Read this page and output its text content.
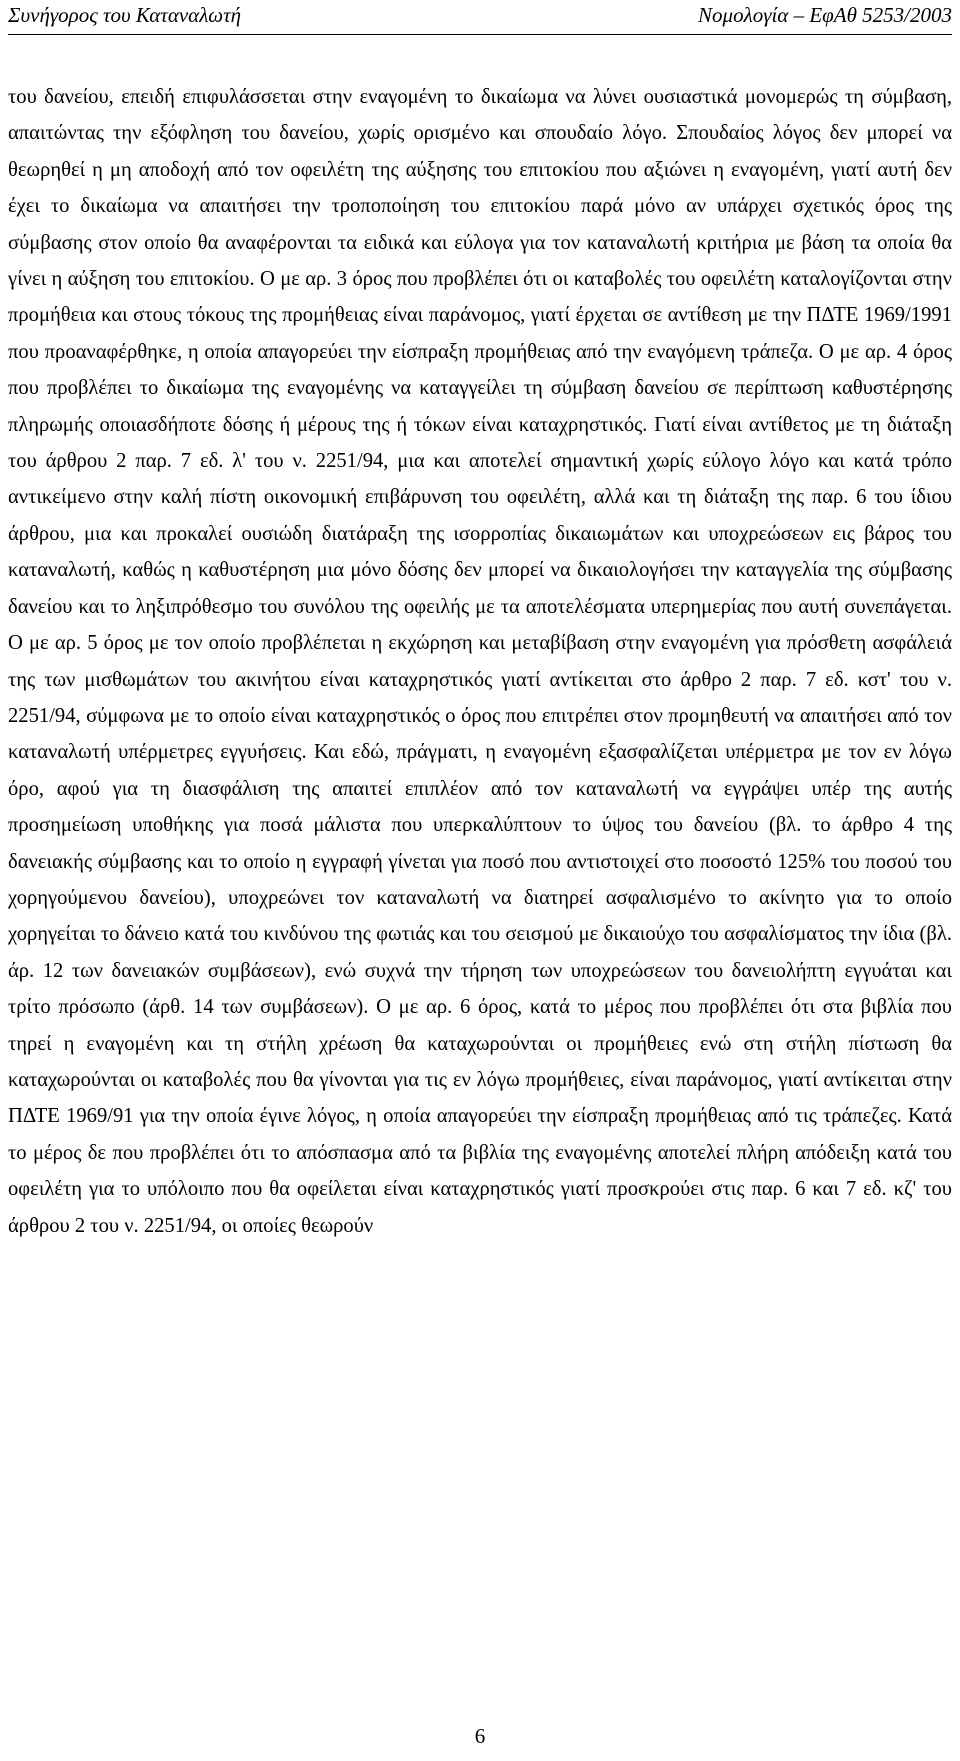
Συνήγορος του Καταναλωτή	Νομολογία – ΕφΑθ 5253/2003

του δανείου, επειδή επιφυλάσσεται στην εναγομένη το δικαίωμα να λύνει ουσιαστικά μονομερώς τη σύμβαση, απαιτώντας την εξόφληση του δανείου, χωρίς ορισμένο και σπουδαίο λόγο. Σπουδαίος λόγος δεν μπορεί να θεωρηθεί η μη αποδοχή από τον οφειλέτη της αύξησης του επιτοκίου που αξιώνει η εναγομένη, γιατί αυτή δεν έχει το δικαίωμα να απαιτήσει την τροποποίηση του επιτοκίου παρά μόνο αν υπάρχει σχετικός όρος της σύμβασης στον οποίο θα αναφέρονται τα ειδικά και εύλογα για τον καταναλωτή κριτήρια με βάση τα οποία θα γίνει η αύξηση του επιτοκίου. Ο με αρ. 3 όρος που προβλέπει ότι οι καταβολές του οφειλέτη καταλογίζονται στην προμήθεια και στους τόκους της προμήθειας είναι παράνομος, γιατί έρχεται σε αντίθεση με την ΠΔΤΕ 1969/1991 που προαναφέρθηκε, η οποία απαγορεύει την είσπραξη προμήθειας από την εναγόμενη τράπεζα. Ο με αρ. 4 όρος που προβλέπει το δικαίωμα της εναγομένης να καταγγείλει τη σύμβαση δανείου σε περίπτωση καθυστέρησης πληρωμής οποιασδήποτε δόσης ή μέρους της ή τόκων είναι καταχρηστικός. Γιατί είναι αντίθετος με τη διάταξη του άρθρου 2 παρ. 7 εδ. λ' του ν. 2251/94, μια και αποτελεί σημαντική χωρίς εύλογο λόγο και κατά τρόπο αντικείμενο στην καλή πίστη οικονομική επιβάρυνση του οφειλέτη, αλλά και τη διάταξη της παρ. 6 του ίδιου άρθρου, μια και προκαλεί ουσιώδη διατάραξη της ισορροπίας δικαιωμάτων και υποχρεώσεων εις βάρος του καταναλωτή, καθώς η καθυστέρηση μια μόνο δόσης δεν μπορεί να δικαιολογήσει την καταγγελία της σύμβασης δανείου και το ληξιπρόθεσμο του συνόλου της οφειλής με τα αποτελέσματα υπερημερίας που αυτή συνεπάγεται. Ο με αρ. 5 όρος με τον οποίο προβλέπεται η εκχώρηση και μεταβίβαση στην εναγομένη για πρόσθετη ασφάλειά της των μισθωμάτων του ακινήτου είναι καταχρηστικός γιατί αντίκειται στο άρθρο 2 παρ. 7 εδ. κστ' του ν. 2251/94, σύμφωνα με το οποίο είναι καταχρηστικός ο όρος που επιτρέπει στον προμηθευτή να απαιτήσει από τον καταναλωτή υπέρμετρες εγγυήσεις. Και εδώ, πράγματι, η εναγομένη εξασφαλίζεται υπέρμετρα με τον εν λόγω όρο, αφού για τη διασφάλιση της απαιτεί επιπλέον από τον καταναλωτή να εγγράψει υπέρ της αυτής προσημείωση υποθήκης για ποσά μάλιστα που υπερκαλύπτουν το ύψος του δανείου (βλ. το άρθρο 4 της δανειακής σύμβασης και το οποίο η εγγραφή γίνεται για ποσό που αντιστοιχεί στο ποσοστό 125% του ποσού του χορηγούμενου δανείου), υποχρεώνει τον καταναλωτή να διατηρεί ασφαλισμένο το ακίνητο για το οποίο χορηγείται το δάνειο κατά του κινδύνου της φωτιάς και του σεισμού με δικαιούχο του ασφαλίσματος την ίδια (βλ. άρ. 12 των δανειακών συμβάσεων), ενώ συχνά την τήρηση των υποχρεώσεων του δανειολήπτη εγγυάται και τρίτο πρόσωπο (άρθ. 14 των συμβάσεων). Ο με αρ. 6 όρος, κατά το μέρος που προβλέπει ότι στα βιβλία που τηρεί η εναγομένη και τη στήλη χρέωση θα καταχωρούνται οι προμήθειες ενώ στη στήλη πίστωση θα καταχωρούνται οι καταβολές που θα γίνονται για τις εν λόγω προμήθειες, είναι παράνομος, γιατί αντίκειται στην ΠΔΤΕ 1969/91 για την οποία έγινε λόγος, η οποία απαγορεύει την είσπραξη προμήθειας από τις τράπεζες. Κατά το μέρος δε που προβλέπει ότι το απόσπασμα από τα βιβλία της εναγομένης αποτελεί πλήρη απόδειξη κατά του οφειλέτη για το υπόλοιπο που θα οφείλεται είναι καταχρηστικός γιατί προσκρούει στις παρ. 6 και 7 εδ. κζ' του άρθρου 2 του ν. 2251/94, οι οποίες θεωρούν

6
